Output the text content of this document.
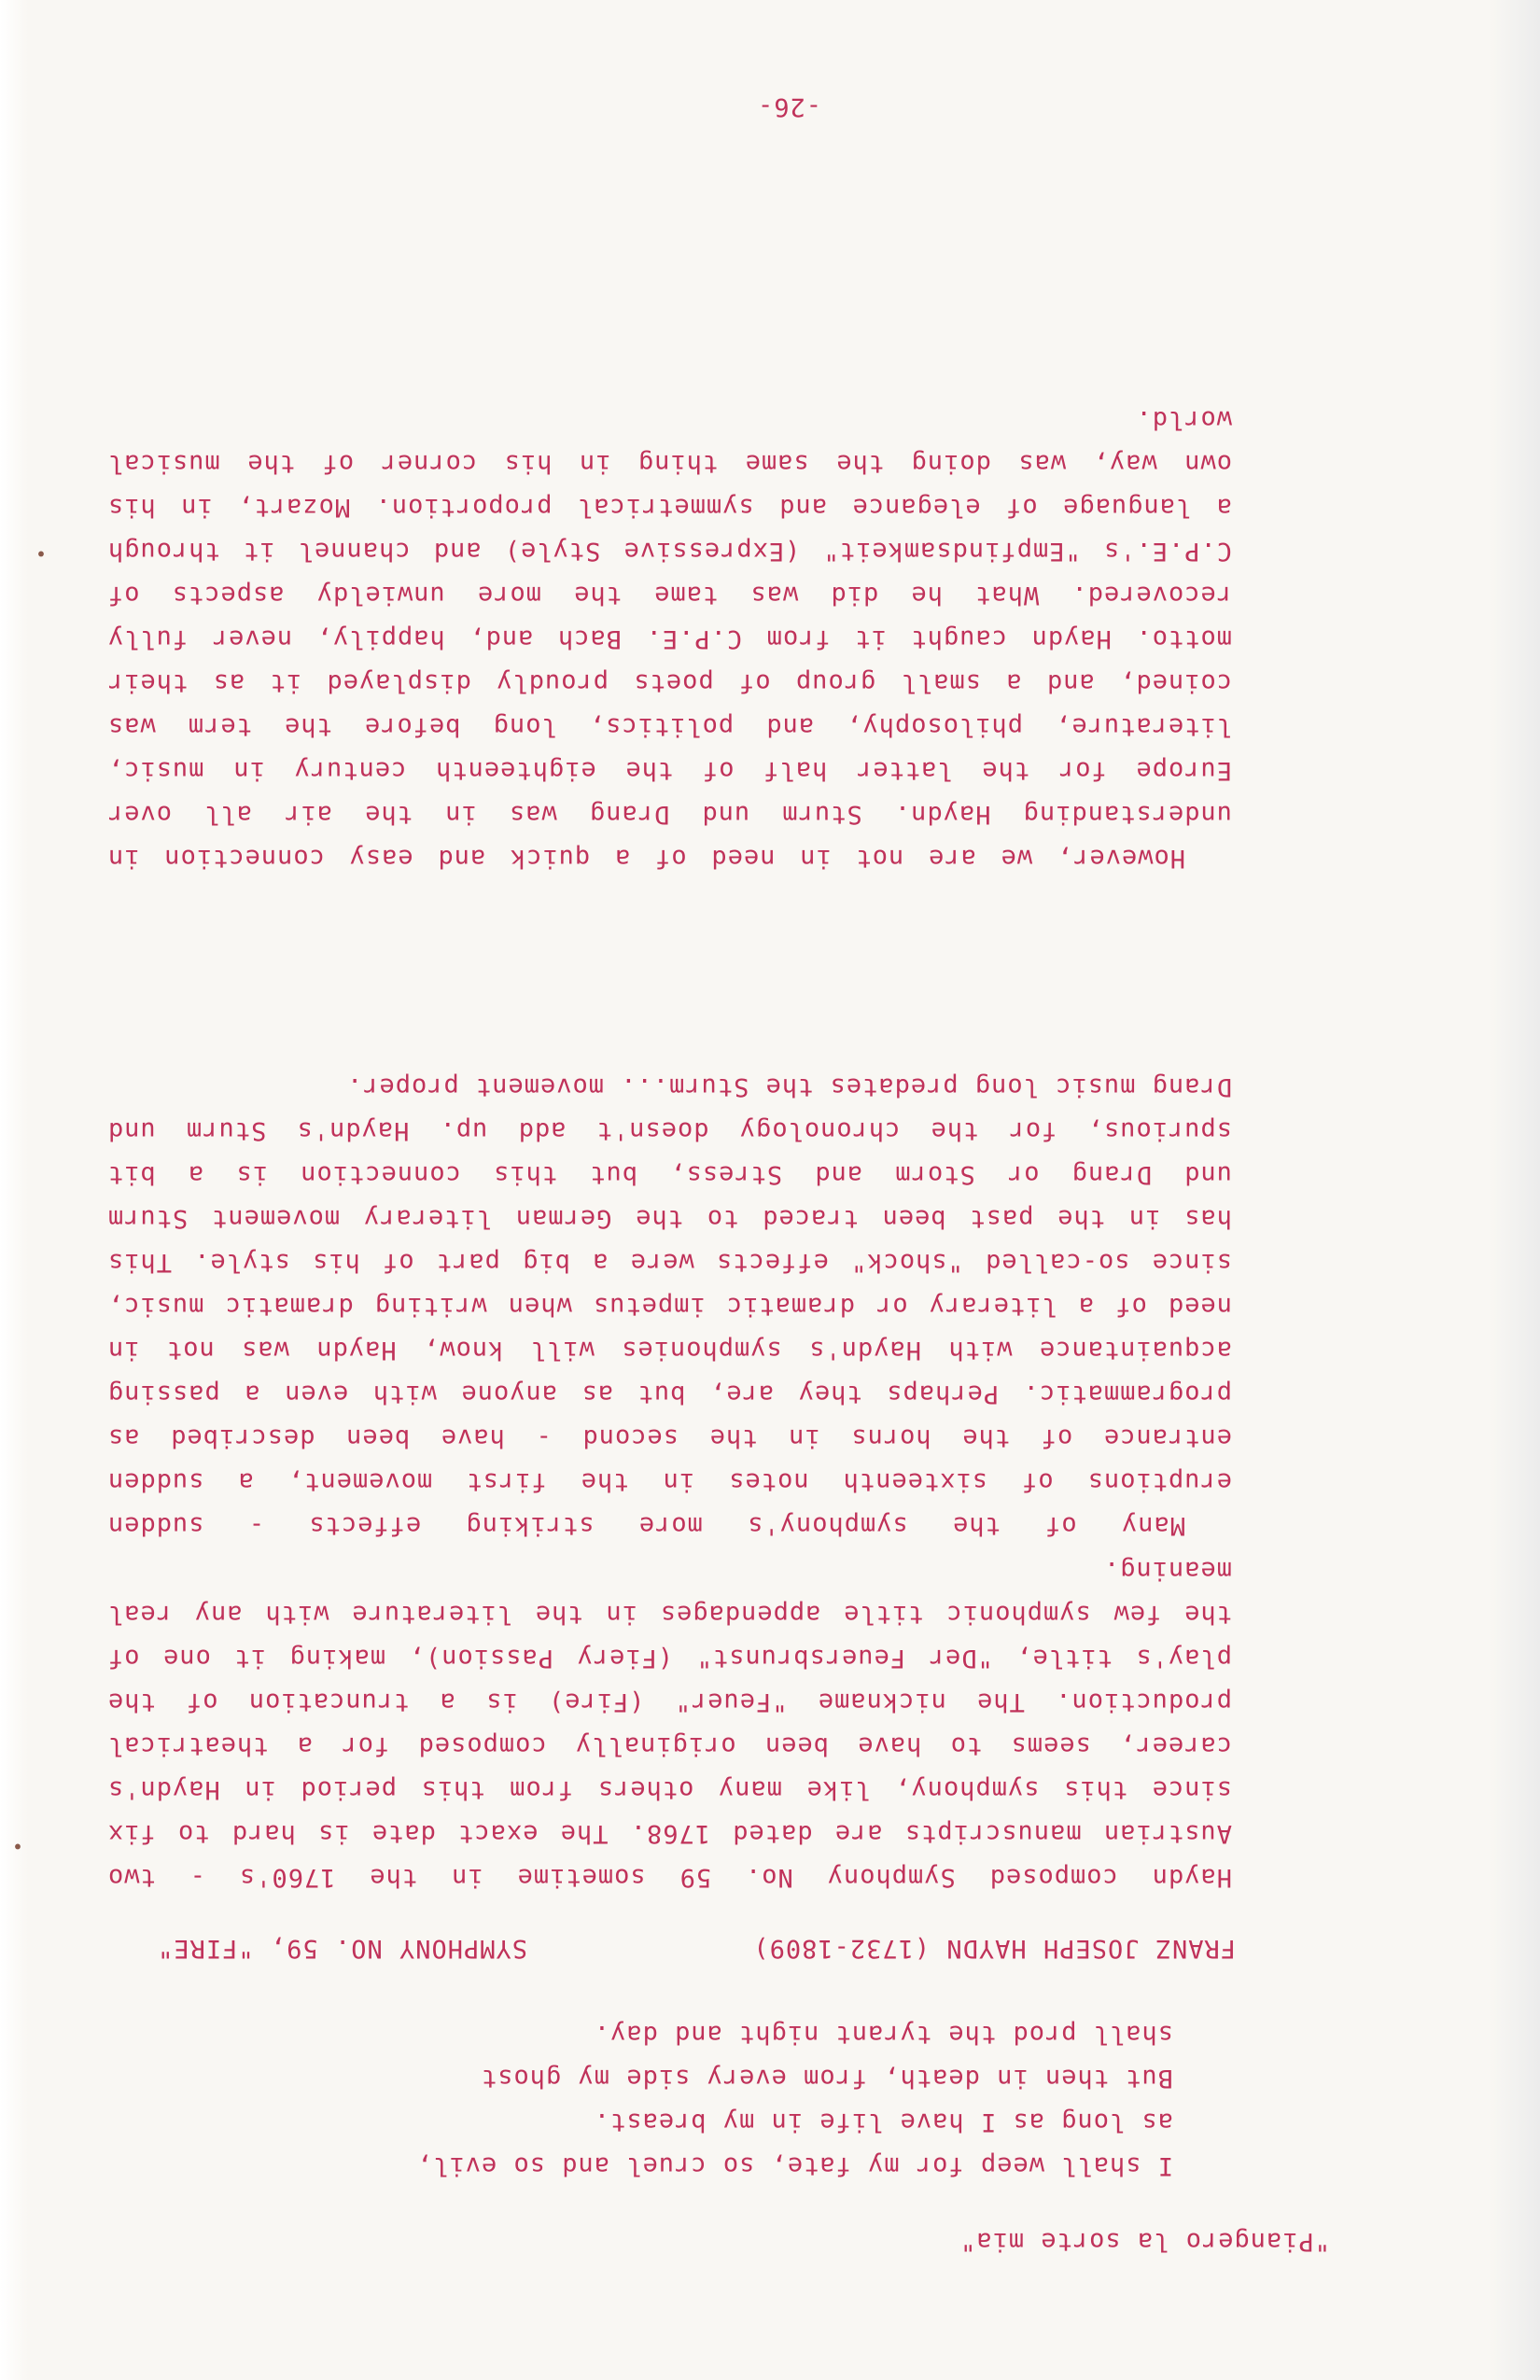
"Piangero la sorte mia"
I shall weep for my fate, so cruel and so evil,
as long as I have life in my breast.
But then in death, from every side my ghost
shall prod the tyrant night and day.
FRANZ JOSEPH HAYDN (1732-1809)
SYMPHONY NO. 59, "FIRE"
Haydn composed Symphony No. 59 sometime in the 1760's - two
Austrian manuscripts are dated 1768. The exact date is hard to fix
since this symphony, like many others from this period in Haydn's
career, seems to have been originally composed for a theatrical
production. The nickname "Feuer" (Fire) is a truncation of the
play's title, "Der Feuersbrunst" (Fiery Passion), making it one of
the few symphonic title appendages in the literature with any real
meaning.
Many of the symphony's more striking effects - sudden
eruptions of sixteenth notes in the first movement, a sudden
entrance of the horns in the second - have been described as
programmatic. Perhaps they are, but as anyone with even a passing
acquaintance with Haydn's symphonies will know, Haydn was not in
need of a literary or dramatic impetus when writing dramatic music,
since so-called "shock" effects were a big part of his style. This
has in the past been traced to the German literary movement Sturm
und Drang or Storm and Stress, but this connection is a bit
spurious, for the chronology doesn't add up. Haydn's Sturm und
Drang music long predates the Sturm... movement proper.
However, we are not in need of a quick and easy connection in
understanding Haydn. Sturm und Drang was in the air all over
Europe for the latter half of the eighteenth century in music,
literature, philosophy, and politics, long before the term was
coined, and a small group of poets proudly displayed it as their
motto. Haydn caught it from C.P.E. Bach and, happily, never fully
recovered. What he did was tame the more unwieldy aspects of
C.P.E.'s "Empfindsamkeit" (Expressive Style) and channel it through
a language of elegance and symmetrical proportion. Mozart, in his
own way, was doing the same thing in his corner of the musical
world.
-26-
•
•
